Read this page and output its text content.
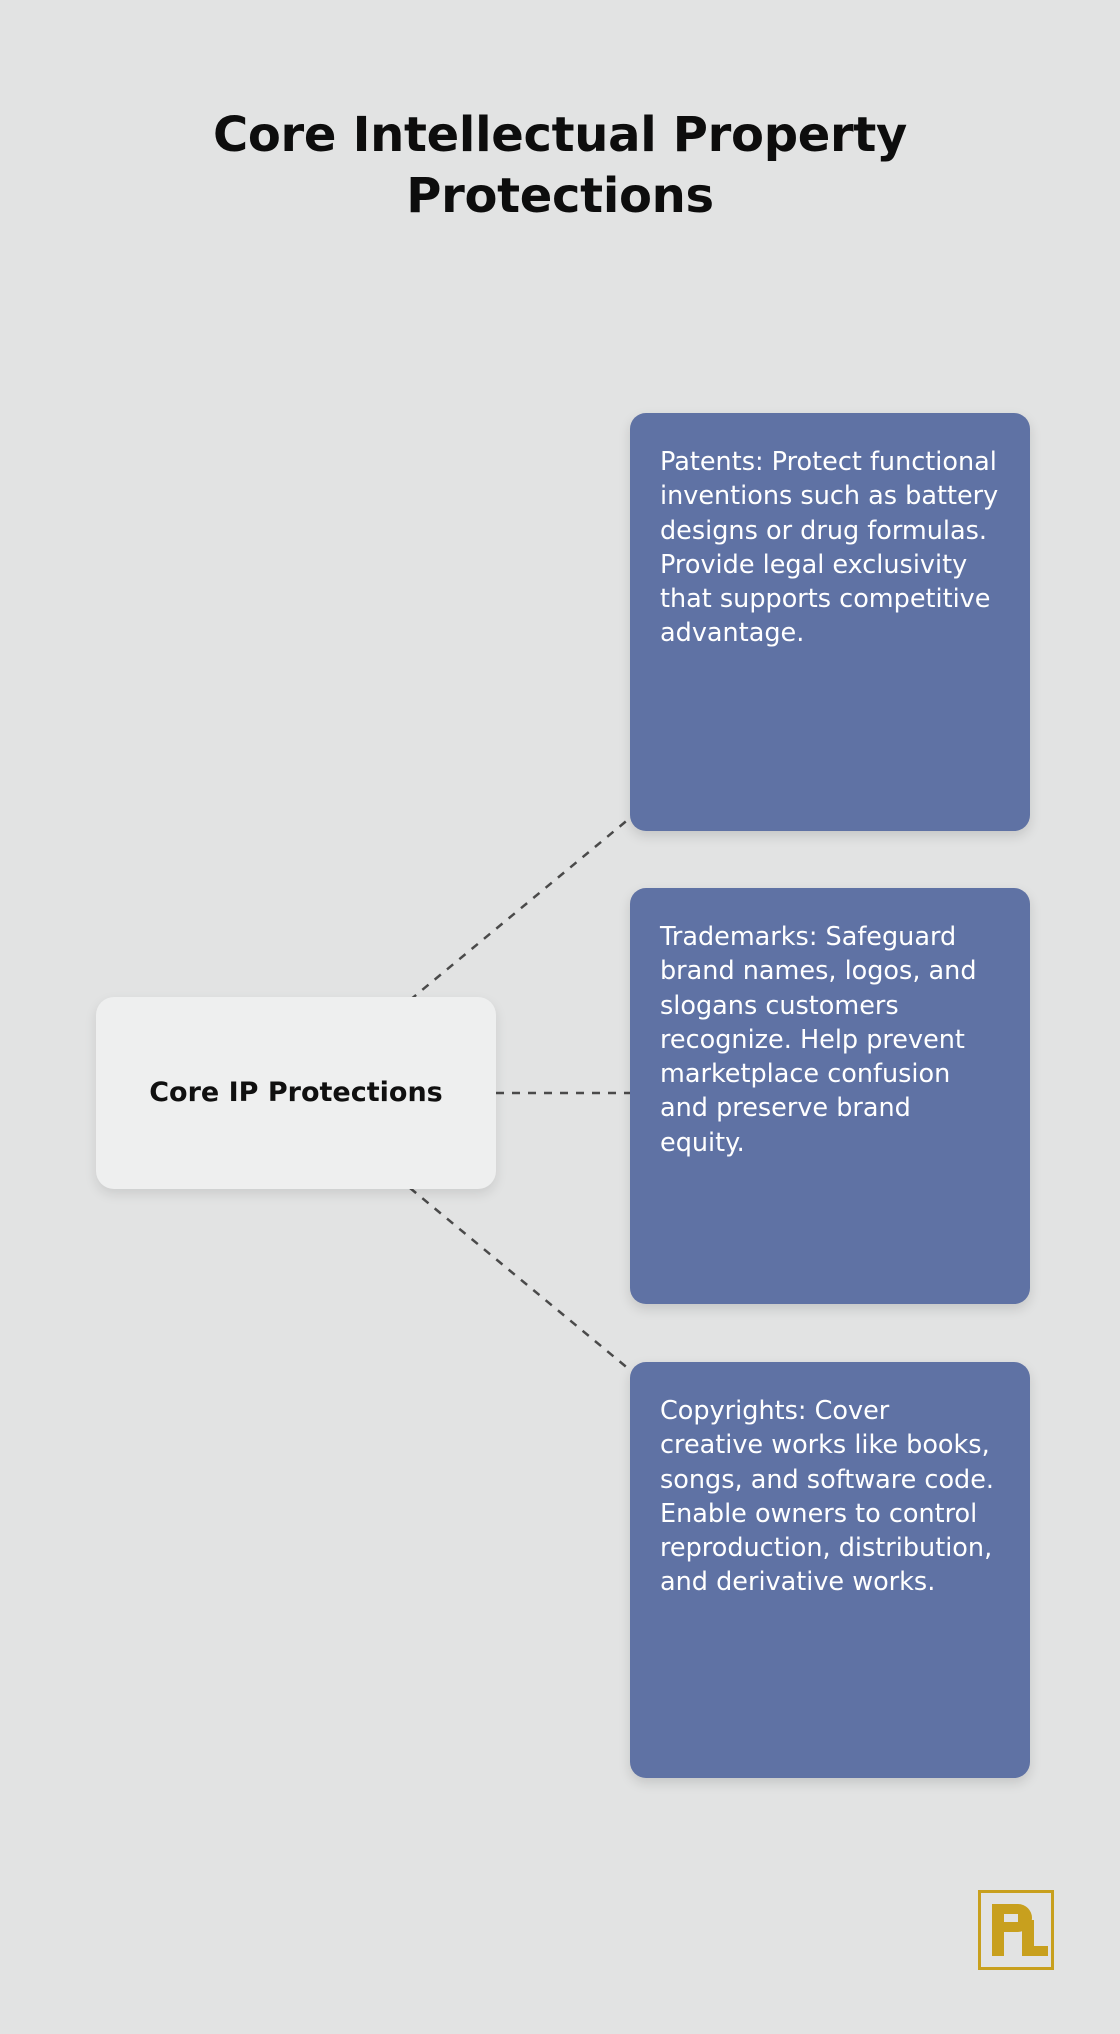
Core Intellectual Property Protections
Core IP Protections

Patents: Protect functional inventions such as battery designs or drug formulas. Provide legal exclusivity that supports competitive advantage.

Trademarks: Safeguard brand names, logos, and slogans customers recognize. Help prevent marketplace confusion and preserve brand equity.

Copyrights: Cover creative works like books, songs, and software code. Enable owners to control reproduction, distribution, and derivative works.
